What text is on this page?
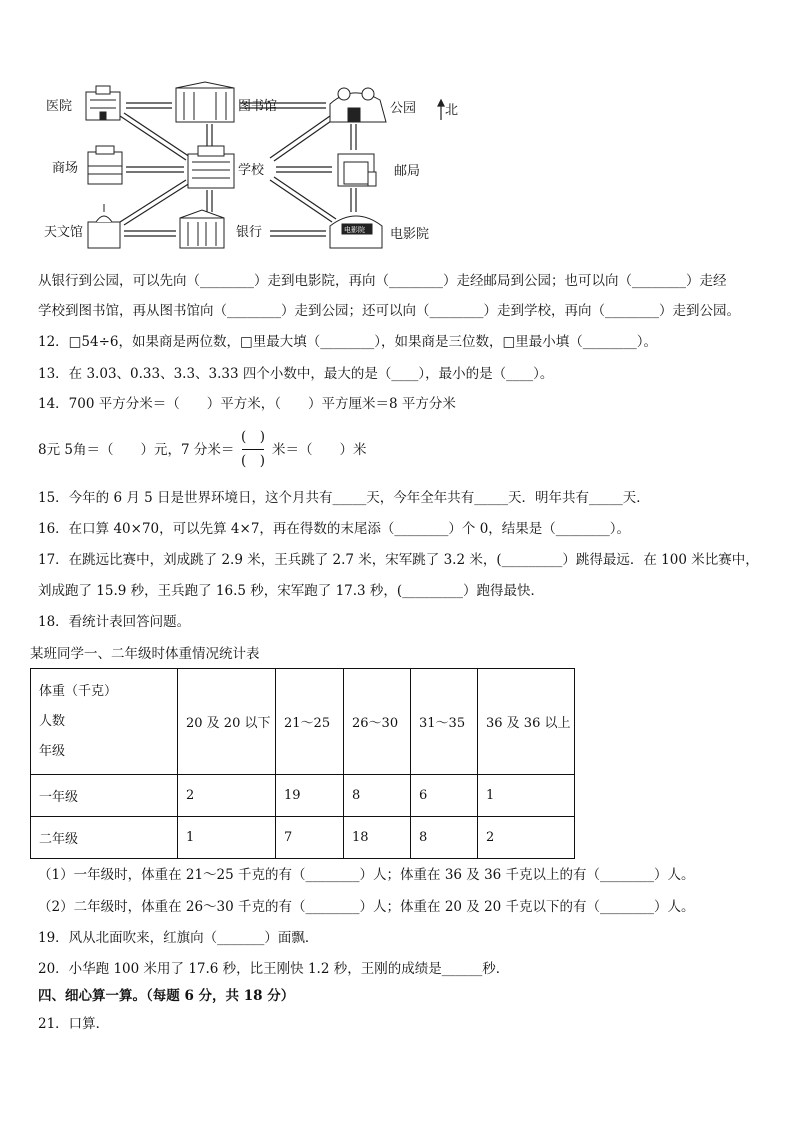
电影院
医院	图书馆	公园 北
商场	学校	邮局
天文馆	银行	电影院
从银行到公园，可以先向（________）走到电影院，再向（________）走经邮局到公园；也可以向（________）走经
学校到图书馆，再从图书馆向（________）走到公园；还可以向（________）走到学校，再向（________）走到公园。
12．□54÷6，如果商是两位数，□里最大填（________），如果商是三位数，□里最小填（________）。
13．在 3.03、0.33、3.3、3.33 四个小数中，最大的是（____），最小的是（____）。
14．700 平方分米＝（　　）平方米，（　　）平方厘米＝8 平方分米
8元 5角＝（　　）元，7 分米＝
(　)
(　)
米＝（　　）米
15．今年的 6 月 5 日是世界环境日，这个月共有_____天，今年全年共有_____天．明年共有_____天．
16．在口算 40×70，可以先算 4×7，再在得数的末尾添（________）个 0，结果是（________）。
17．在跳远比赛中，刘成跳了 2.9 米，王兵跳了 2.7 米，宋军跳了 3.2 米，(_________）跳得最远．在 100 米比赛中，
刘成跑了 15.9 秒，王兵跑了 16.5 秒，宋军跑了 17.3 秒，(_________）跑得最快．
18．看统计表回答问题。
某班同学一、二年级时体重情况统计表
体重（千克）
人数
年级	20 及 20 以下	21～25	26～30	31～35	36 及 36 以上
一年级	2	19	8	6	1
二年级	1	7	18	8	2
（1）一年级时，体重在 21～25 千克的有（________）人；体重在 36 及 36 千克以上的有（________）人。
（2）二年级时，体重在 26～30 千克的有（________）人；体重在 20 及 20 千克以下的有（________）人。
19．风从北面吹来，红旗向（_______）面飘．
20．小华跑 100 米用了 17.6 秒，比王刚快 1.2 秒，王刚的成绩是______秒．
四、细心算一算。（每题 6 分，共 18 分）
21．口算．
